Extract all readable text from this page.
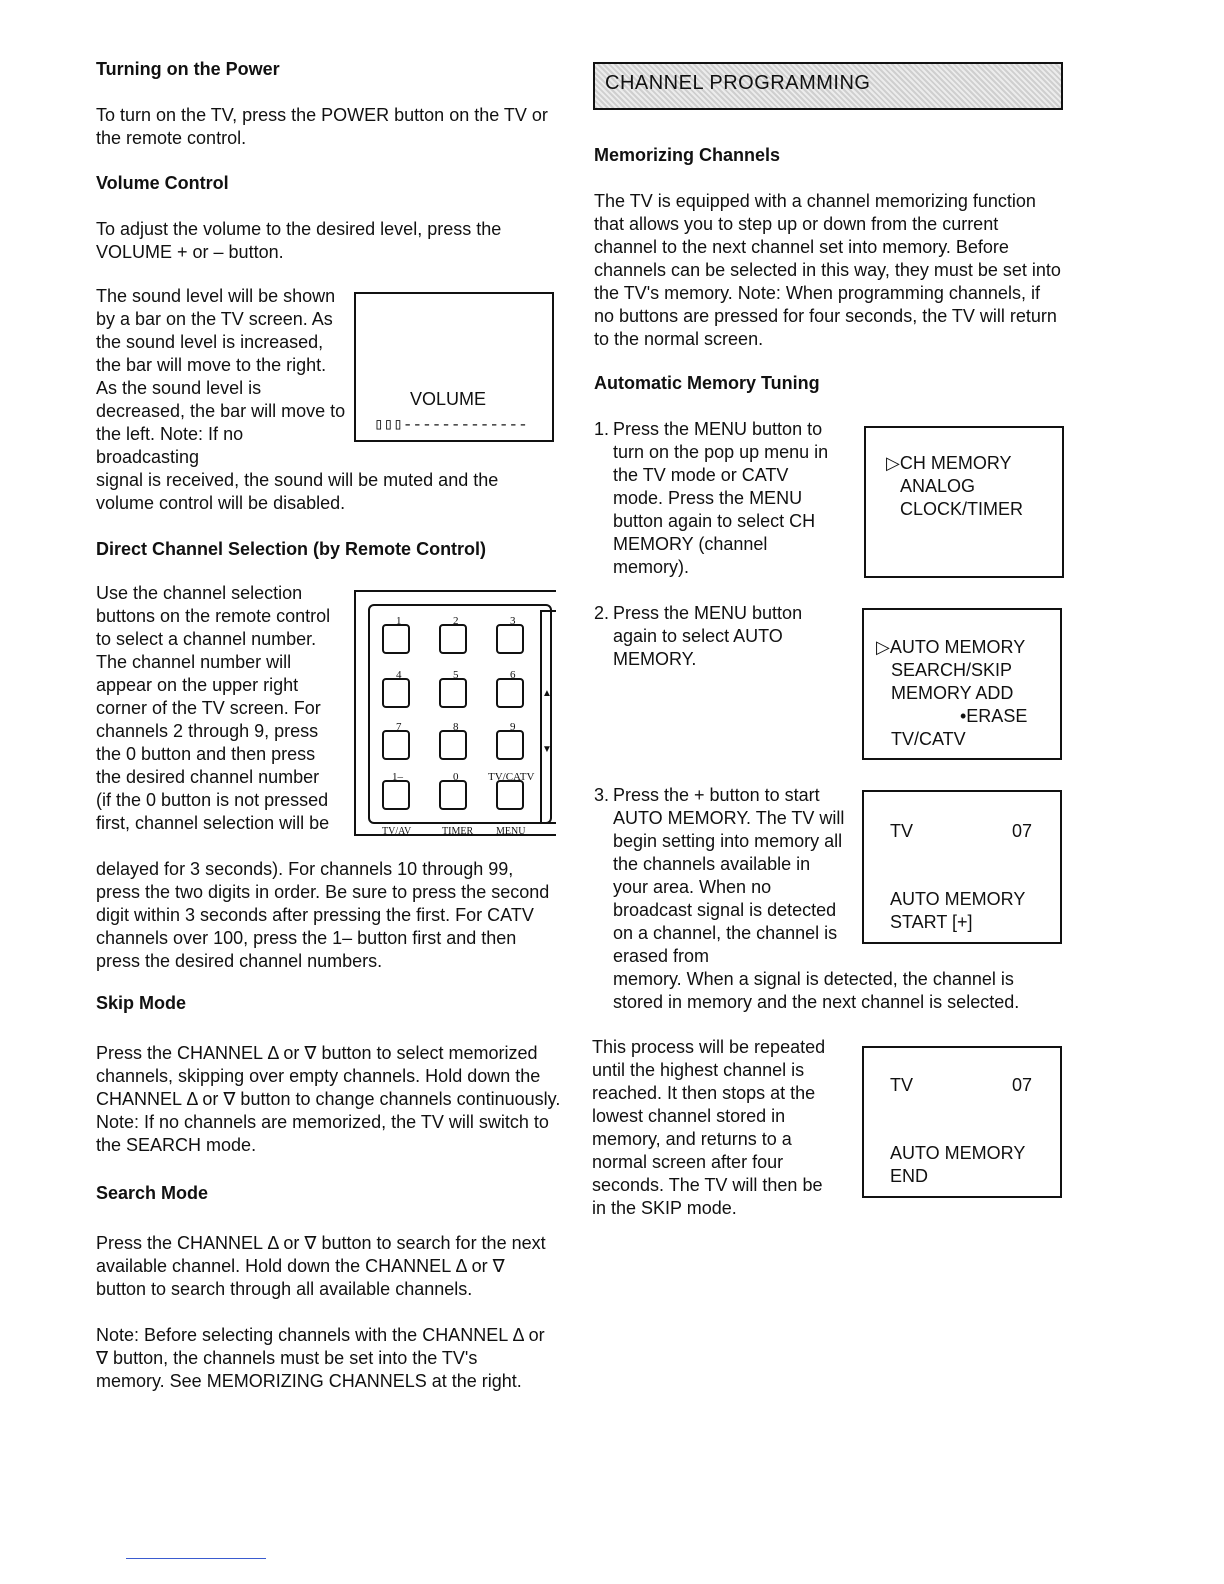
Turning on the Power
To turn on the TV, press the POWER button on the TV or the remote control.
Volume Control
To adjust the volume to the desired level, press the VOLUME + or – button.
The sound level will be shown by a bar on the TV screen. As the sound level is increased, the bar will move to the right. As the sound level is decreased, the bar will move to the left. Note: If no broadcasting
signal is received, the sound will be muted and the volume control will be disabled.
VOLUME
▯▯▯-------------
Direct Channel Selection (by Remote Control)
Use the channel selection buttons on the remote control to select a channel number. The channel number will appear on the upper right corner of the TV screen. For channels 2 through 9, press the 0 button and then press the desired channel number (if the 0 button is not pressed first, channel selection will be
delayed for 3 seconds). For channels 10 through 99, press the two digits in order. Be sure to press the second digit within 3 seconds after pressing the first. For CATV channels over 100, press the 1– button first and then press the desired channel numbers.
▲
▼
1	2	3
4	5	6
7	8	9
1–	0	TV/CATV
TV/AV	TIMER MENU
Skip Mode
Press the CHANNEL Δ or ∇ button to select memorized channels, skipping over empty channels. Hold down the CHANNEL Δ or ∇ button to change channels continuously. Note: If no channels are memorized, the TV will switch to the SEARCH mode.
Search Mode
Press the CHANNEL Δ or ∇ button to search for the next available channel. Hold down the CHANNEL Δ or ∇ button to search through all available channels.
Note: Before selecting channels with the CHANNEL Δ or ∇ button, the channels must be set into the TV's memory. See MEMORIZING CHANNELS at the right.
CHANNEL PROGRAMMING
Memorizing Channels
The TV is equipped with a channel memorizing function that allows you to step up or down from the current channel to the next channel set into memory. Before channels can be selected in this way, they must be set into the TV's memory. Note: When programming channels, if no buttons are pressed for four seconds, the TV will return to the normal screen.
Automatic Memory Tuning
1. Press the MENU button to turn on the pop up menu in the TV mode or CATV mode. Press the MENU button again to select CH MEMORY (channel memory).
▷CH MEMORY
ANALOG
CLOCK/TIMER
2. Press the MENU button again to select AUTO MEMORY.
▷AUTO MEMORY
SEARCH/SKIP
MEMORY ADD
•ERASE
TV/CATV
3. Press the + button to start AUTO MEMORY. The TV will begin setting into memory all the channels available in your area. When no broadcast signal is detected on a channel, the channel is erased from
memory. When a signal is detected, the channel is stored in memory and the next channel is selected.
TV	07
AUTO MEMORY
START [+]
This process will be repeated until the highest channel is reached. It then stops at the lowest channel stored in memory, and returns to a normal screen after four seconds. The TV will then be in the SKIP mode.
TV	07
AUTO MEMORY
END
